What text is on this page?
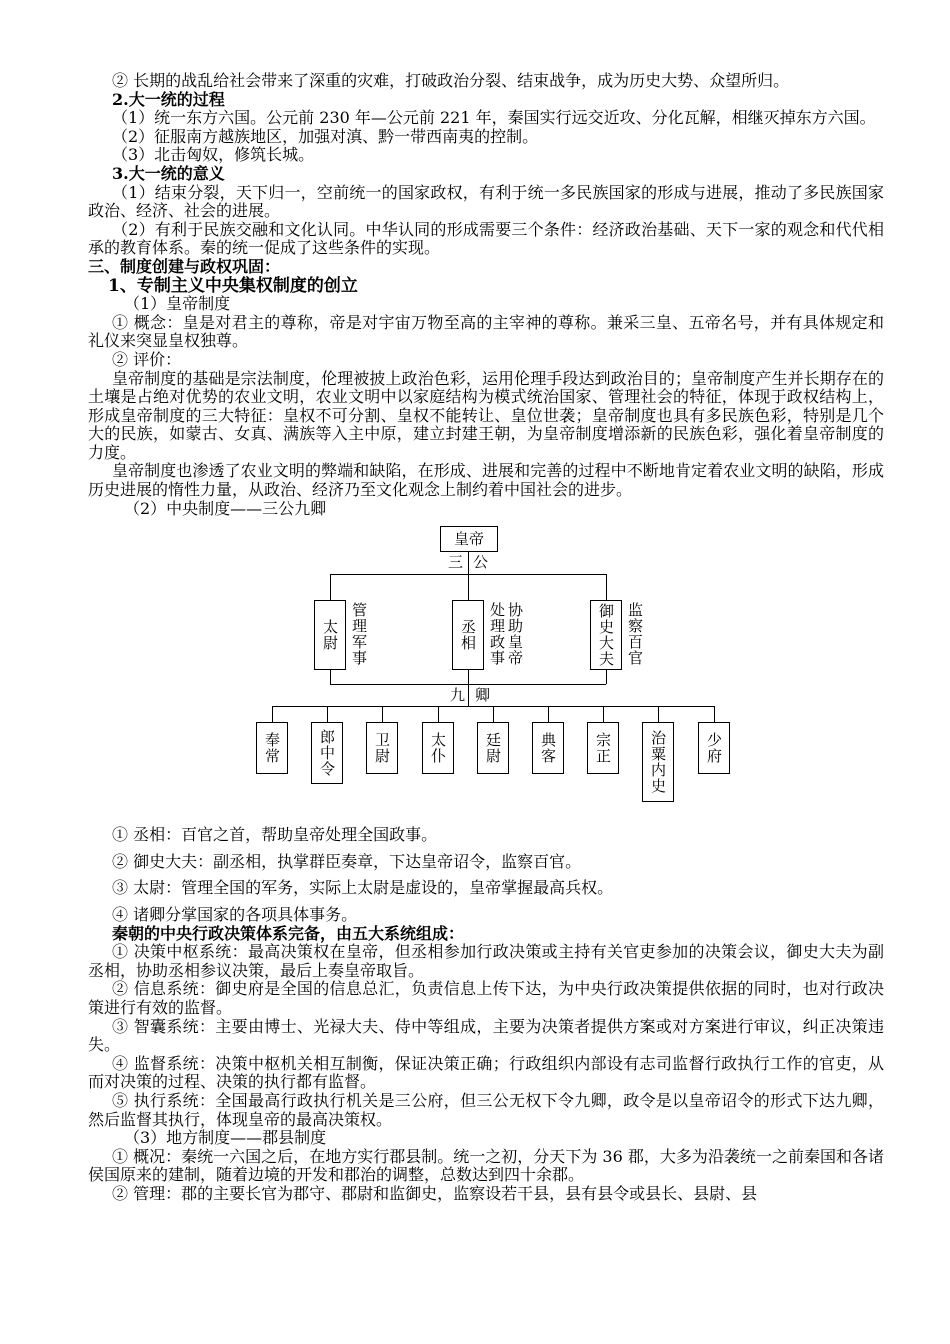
② 长期的战乱给社会带来了深重的灾难，打破政治分裂、结束战争，成为历史大势、众望所归。

2.大一统的过程

（1）统一东方六国。公元前 230 年—公元前 221 年，秦国实行远交近攻、分化瓦解，相继灭掉东方六国。

（2）征服南方越族地区，加强对滇、黔一带西南夷的控制。

（3）北击匈奴，修筑长城。

3.大一统的意义

（1）结束分裂，天下归一，空前统一的国家政权，有利于统一多民族国家的形成与进展，推动了多民族国家政治、经济、社会的进展。

（2）有利于民族交融和文化认同。中华认同的形成需要三个条件：经济政治基础、天下一家的观念和代代相承的教育体系。秦的统一促成了这些条件的实现。

三、制度创建与政权巩固：

1、专制主义中央集权制度的创立

（1）皇帝制度

① 概念：皇是对君主的尊称，帝是对宇宙万物至高的主宰神的尊称。兼采三皇、五帝名号，并有具体规定和礼仪来突显皇权独尊。

② 评价：

皇帝制度的基础是宗法制度，伦理被披上政治色彩，运用伦理手段达到政治目的；皇帝制度产生并长期存在的土壤是占绝对优势的农业文明，农业文明中以家庭结构为模式统治国家、管理社会的特征，体现于政权结构上，形成皇帝制度的三大特征：皇权不可分割、皇权不能转让、皇位世袭；皇帝制度也具有多民族色彩，特别是几个大的民族，如蒙古、女真、满族等入主中原，建立封建王朝，为皇帝制度增添新的民族色彩，强化着皇帝制度的力度。

皇帝制度也渗透了农业文明的弊端和缺陷，在形成、进展和完善的过程中不断地肯定着农业文明的缺陷，形成历史进展的惰性力量，从政治、经济乃至文化观念上制约着中国社会的进步。

（2）中央制度——三公九卿

皇帝
三公
太尉 管理军事	丞相	协助皇帝处理政事	御史大夫 监察百官
九卿
奉常	郎中令	卫尉	太仆	廷尉	典客	宗正	治粟内史	少府

① 丞相：百官之首，帮助皇帝处理全国政事。

② 御史大夫：副丞相，执掌群臣奏章，下达皇帝诏令，监察百官。

③ 太尉：管理全国的军务，实际上太尉是虚设的，皇帝掌握最高兵权。

④ 诸卿分掌国家的各项具体事务。

秦朝的中央行政决策体系完备，由五大系统组成：

① 决策中枢系统：最高决策权在皇帝，但丞相参加行政决策或主持有关官吏参加的决策会议，御史大夫为副丞相，协助丞相参议决策，最后上奏皇帝取旨。

② 信息系统：御史府是全国的信息总汇，负责信息上传下达，为中央行政决策提供依据的同时，也对行政决策进行有效的监督。

③ 智囊系统：主要由博士、光禄大夫、侍中等组成，主要为决策者提供方案或对方案进行审议，纠正决策违失。

④ 监督系统：决策中枢机关相互制衡，保证决策正确；行政组织内部设有志司监督行政执行工作的官吏，从而对决策的过程、决策的执行都有监督。

⑤ 执行系统：全国最高行政执行机关是三公府，但三公无权下令九卿，政令是以皇帝诏令的形式下达九卿，然后监督其执行，体现皇帝的最高决策权。

（3）地方制度——郡县制度

① 概况：秦统一六国之后，在地方实行郡县制。统一之初，分天下为 36 郡，大多为沿袭统一之前秦国和各诸侯国原来的建制，随着边境的开发和郡治的调整，总数达到四十余郡。

② 管理：郡的主要长官为郡守、郡尉和监御史，监察设若干县，县有县令或县长、县尉、县
